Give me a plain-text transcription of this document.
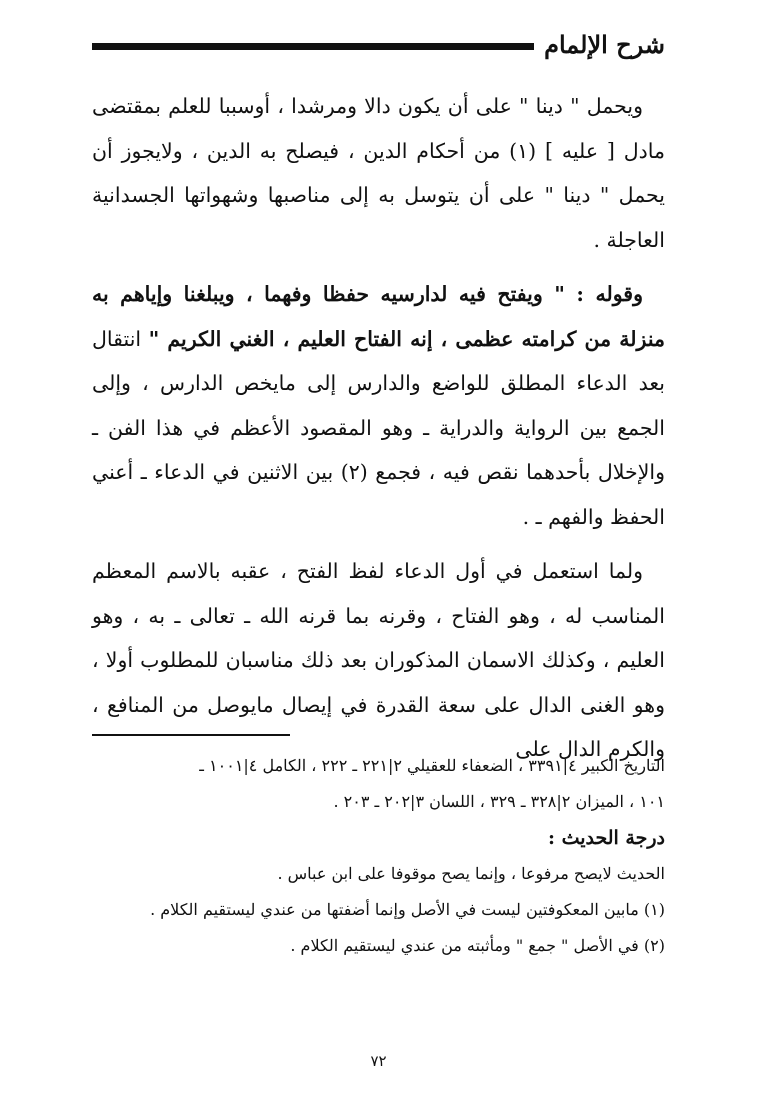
شرح الإلمام

ويحمل " دينا " على أن يكون دالا ومرشدا ، أوسببا للعلم بمقتضى مادل [ عليه ] (١) من أحكام الدين ، فيصلح به الدين ، ولايجوز أن يحمل " دينا " على أن يتوسل به إلى مناصبها وشهواتها الجسدانية العاجلة .

وقوله : " ويفتح فيه لدارسيه حفظا وفهما ، ويبلغنا وإياهم به منزلة من كرامته عظمى ، إنه الفتاح العليم ، الغني الكريم " انتقال بعد الدعاء المطلق للواضع والدارس إلى مايخص الدارس ، وإلى الجمع بين الرواية والدراية ـ وهو المقصود الأعظم في هذا الفن ـ والإخلال بأحدهما نقص فيه ، فجمع (٢) بين الاثنين في الدعاء ـ أعني الحفظ والفهم ـ .

ولما استعمل في أول الدعاء لفظ الفتح ، عقبه بالاسم المعظم المناسب له ، وهو الفتاح ، وقرنه بما قرنه الله ـ تعالى ـ به ، وهو العليم ، وكذلك الاسمان المذكوران بعد ذلك مناسبان للمطلوب أولا ، وهو الغنى الدال على سعة القدرة في إيصال مايوصل من المنافع ، والكرم الدال على

التاريخ الكبير ٤|٣٣٩١ ، الضعفاء للعقيلي ٢|٢٢١ ـ ٢٢٢ ، الكامل ٤|١٠٠١ ـ

١٠١ ، الميزان ٢|٣٢٨ ـ ٣٢٩ ، اللسان ٣|٢٠٢ ـ ٢٠٣ .

درجة الحديث :

الحديث لايصح مرفوعا ، وإنما يصح موقوفا على ابن عباس .

(١) مابين المعكوفتين ليست في الأصل وإنما أضفتها من عندي ليستقيم الكلام .

(٢) في الأصل " جمع " ومأثبته من عندي ليستقيم الكلام .

٧٢
